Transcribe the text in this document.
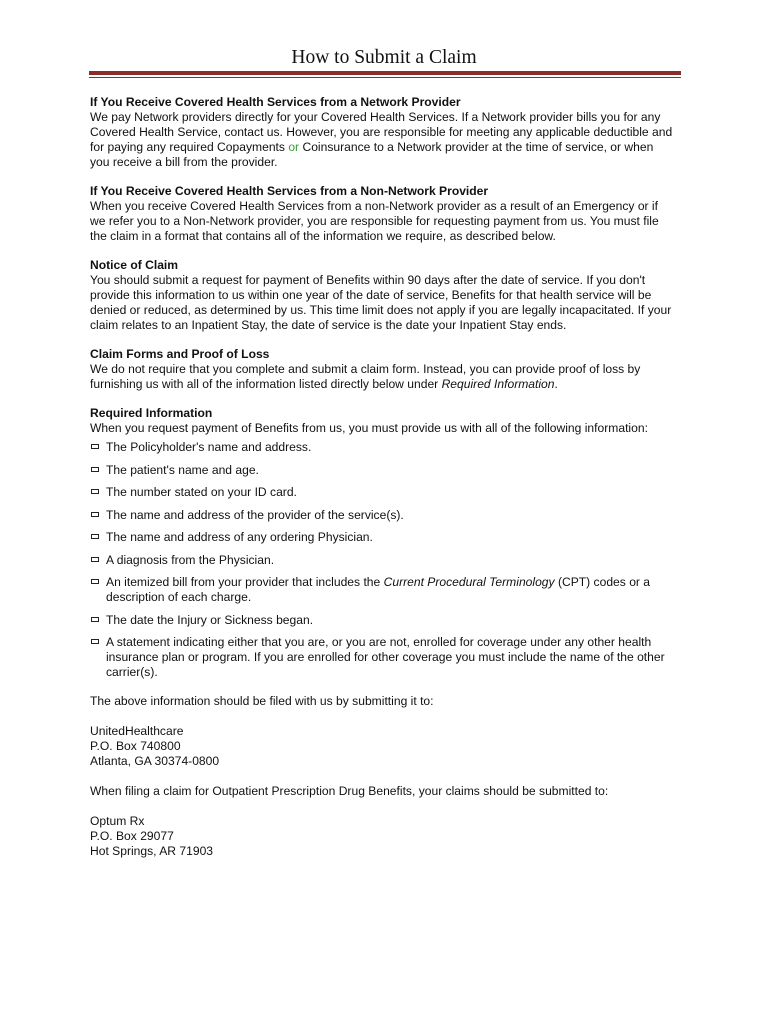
How to Submit a Claim
If You Receive Covered Health Services from a Network Provider

We pay Network providers directly for your Covered Health Services. If a Network provider bills you for any Covered Health Service, contact us. However, you are responsible for meeting any applicable deductible and for paying any required Copayments or Coinsurance to a Network provider at the time of service, or when you receive a bill from the provider.

If You Receive Covered Health Services from a Non-Network Provider

When you receive Covered Health Services from a non-Network provider as a result of an Emergency or if we refer you to a Non-Network provider, you are responsible for requesting payment from us. You must file the claim in a format that contains all of the information we require, as described below.

Notice of Claim

You should submit a request for payment of Benefits within 90 days after the date of service. If you don't provide this information to us within one year of the date of service, Benefits for that health service will be denied or reduced, as determined by us. This time limit does not apply if you are legally incapacitated. If your claim relates to an Inpatient Stay, the date of service is the date your Inpatient Stay ends.

Claim Forms and Proof of Loss

We do not require that you complete and submit a claim form. Instead, you can provide proof of loss by furnishing us with all of the information listed directly below under Required Information.

Required Information

When you request payment of Benefits from us, you must provide us with all of the following information:

The Policyholder's name and address.
The patient's name and age.
The number stated on your ID card.
The name and address of the provider of the service(s).
The name and address of any ordering Physician.
A diagnosis from the Physician.
An itemized bill from your provider that includes the Current Procedural Terminology (CPT) codes or a description of each charge.
The date the Injury or Sickness began.
A statement indicating either that you are, or you are not, enrolled for coverage under any other health insurance plan or program. If you are enrolled for other coverage you must include the name of the other carrier(s).

The above information should be filed with us by submitting it to:

UnitedHealthcare
P.O. Box 740800
Atlanta, GA 30374-0800

When filing a claim for Outpatient Prescription Drug Benefits, your claims should be submitted to:

Optum Rx
P.O. Box 29077
Hot Springs, AR 71903
